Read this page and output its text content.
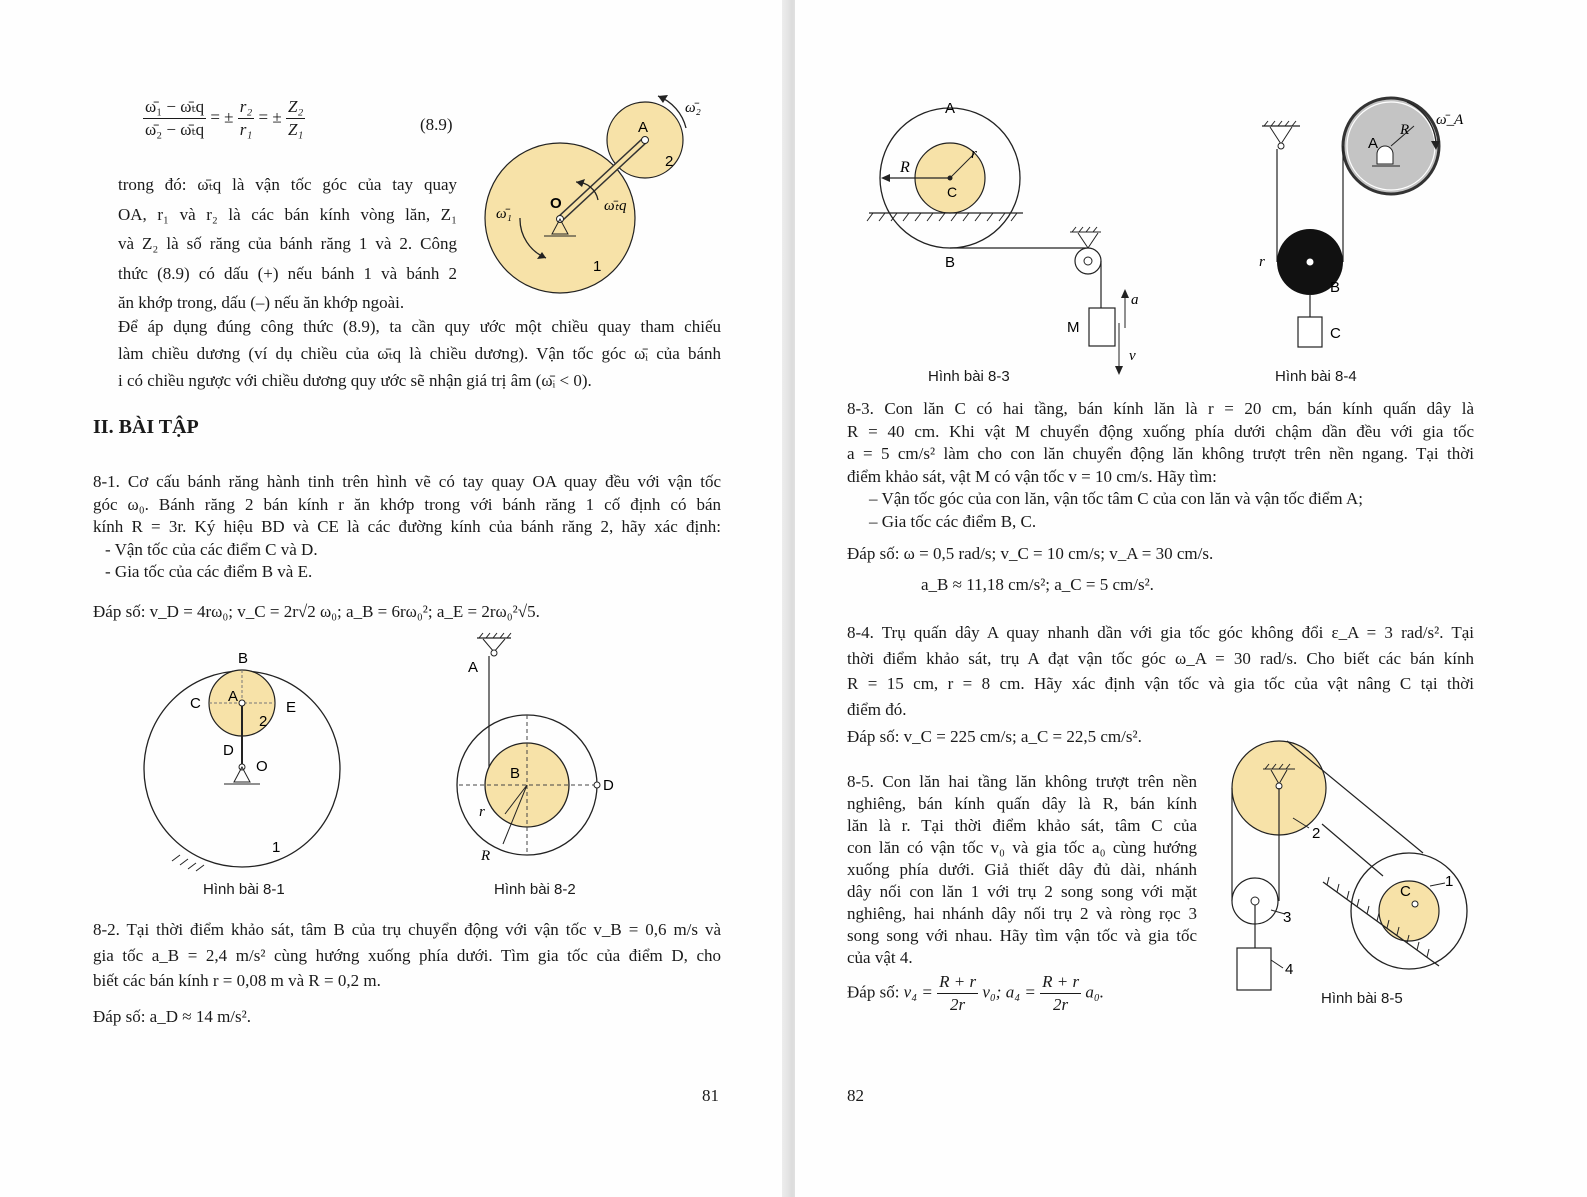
$\frac{\text{ω̄₁ − ω̄ₜq}}{\text{ω̄₂ − ω̄ₜq}}$ = ± $\frac{\text{r₂}}{\text{r₁}}$ = ± $\frac{\text{Z₂}}{\text{Z₁}}$	(8.9)
trong đó: ω̄ₜq là vận tốc góc của tay quay
OA, r₁ và r₂ là các bán kính vòng lăn, Z₁
và Z₂ là số răng của bánh răng 1 và 2. Công
thức (8.9) có dấu (+) nếu bánh 1 và bánh 2
ăn khớp trong, dấu (–) nếu ăn khớp ngoài.
A
O
1
2
ω̄₁
ω̄₂
ω̄ₜq
Để áp dụng đúng công thức (8.9), ta cần quy ước một chiều quay tham chiếu
làm chiều dương (ví dụ chiều của ω̄ₜq là chiều dương). Vận tốc góc ω̄ᵢ của bánh
i có chiều ngược với chiều dương quy ước sẽ nhận giá trị âm (ω̄ᵢ < 0).
II. BÀI TẬP
8-1. Cơ cấu bánh răng hành tinh trên hình vẽ có tay quay OA quay đều với vận tốc
góc ω₀. Bánh răng 2 bán kính r ăn khớp trong với bánh răng 1 cố định có bán
kính R = 3r. Ký hiệu BD và CE là các đường kính của bánh răng 2, hãy xác định:
- Vận tốc của các điểm C và D.
- Gia tốc của các điểm B và E.
Đáp số: v_D = 4rω₀; v_C = 2r√2 ω₀; a_B = 6rω₀²; a_E = 2rω₀²√5.
B
A
C	E
2
D
O
1
Hình bài 8-1
A
B
D
r
R
Hình bài 8-2
8-2. Tại thời điểm khảo sát, tâm B của trụ chuyển động với vận tốc v_B = 0,6 m/s và
gia tốc a_B = 2,4 m/s² cùng hướng xuống phía dưới. Tìm gia tốc của điểm D, cho
biết các bán kính r = 0,08 m và R = 0,2 m.
Đáp số: a_D ≈ 14 m/s².
81
A
B
C
R
r
M
a⃗
v⃗
Hình bài 8-3
A
R
ω̄_A
r
B
C
Hình bài 8-4
8-3. Con lăn C có hai tầng, bán kính lăn là r = 20 cm, bán kính quấn dây là
R = 40 cm. Khi vật M chuyển động xuống phía dưới chậm dần đều với gia tốc
a = 5 cm/s² làm cho con lăn chuyển động lăn không trượt trên nền ngang. Tại thời
điểm khảo sát, vật M có vận tốc v = 10 cm/s. Hãy tìm:
– Vận tốc góc của con lăn, vận tốc tâm C của con lăn và vận tốc điểm A;
– Gia tốc các điểm B, C.
Đáp số: ω = 0,5 rad/s; v_C = 10 cm/s; v_A = 30 cm/s.
a_B ≈ 11,18 cm/s²; a_C = 5 cm/s².
8-4. Trụ quấn dây A quay nhanh dần với gia tốc góc không đổi ε_A = 3 rad/s². Tại
thời điểm khảo sát, trụ A đạt vận tốc góc ω_A = 30 rad/s. Cho biết các bán kính
R = 15 cm, r = 8 cm. Hãy xác định vận tốc và gia tốc của vật nâng C tại thời
điểm đó.
Đáp số: v_C = 225 cm/s; a_C = 22,5 cm/s².
8-5. Con lăn hai tầng lăn không trượt trên nền
nghiêng, bán kính quấn dây là R, bán kính
lăn là r. Tại thời điểm khảo sát, tâm C của
con lăn có vận tốc v₀ và gia tốc a₀ cùng hướng
xuống phía dưới. Giả thiết dây đủ dài, nhánh
dây nối con lăn 1 với trụ 2 song song với mặt
nghiêng, hai nhánh dây nối trụ 2 và ròng rọc 3
song song với nhau. Hãy tìm vận tốc và gia tốc
của vật 4.
Đáp số: $v_4 = \frac{R + r}{2r} v_0$; $a_4 = \frac{R + r}{2r} a_0$.
2
3
4
1
C
Hình bài 8-5
82
